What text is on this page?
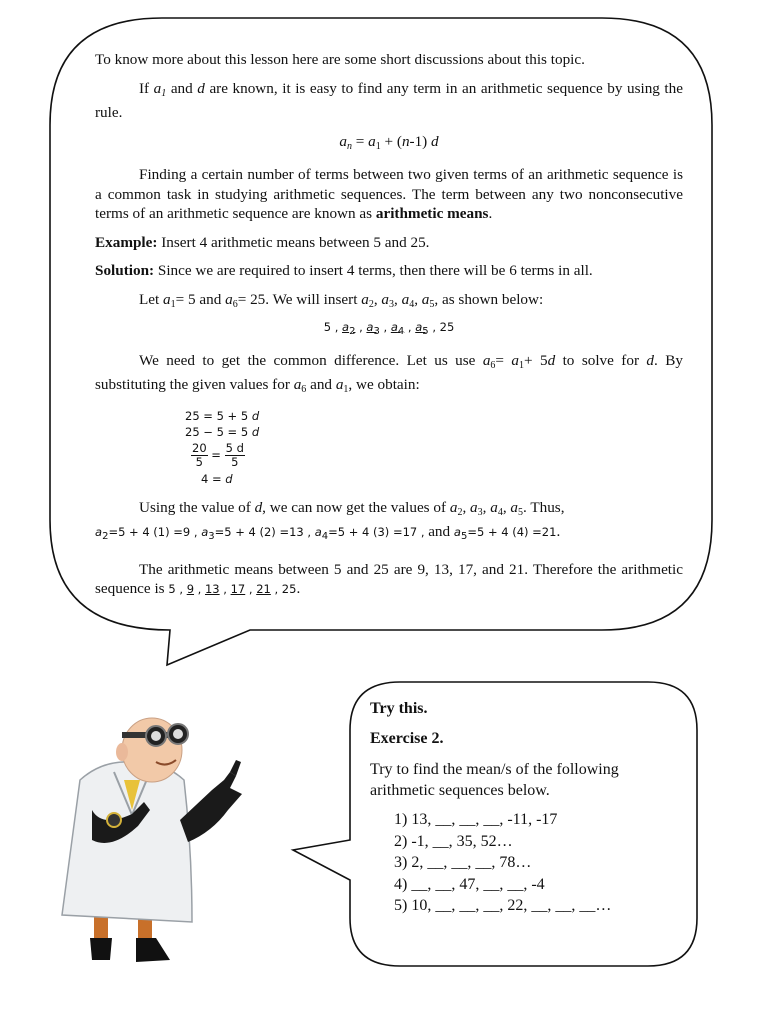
To know more about this lesson here are some short discussions about this topic.

If $a_1$ and d are known, it is easy to find any term in an arithmetic sequence by using the rule.

$a_n = a_1 + (n-1)$ d

Finding a certain number of terms between two given terms of an arithmetic sequence is a common task in studying arithmetic sequences. The term between any two nonconsecutive terms of an arithmetic sequence are known as arithmetic means.

Example: Insert 4 arithmetic means between 5 and 25.

Solution: Since we are required to insert 4 terms, then there will be 6 terms in all.

Let $a_1= 5$ and $a_6= 25$. We will insert $a_2$, $a_3$, $a_4$, $a_5$, as shown below:

5 , a2 , a3 , a4 , a5 , 25

We need to get the common difference. Let us use $a_6= a_1+ 5d$ to solve for d. By substituting the given values for $a_6$ and $a_1$, we obtain:

25 = 5 + 5 d
25 − 5 = 5 d
$\frac{20}{5} = \frac{5 d}{5}$
4 = d

Using the value of d, we can now get the values of $a_2$, $a_3$, $a_4$, $a_5$. Thus,

a2=5 + 4 (1) =9 , a3=5 + 4 (2) =13 , a4=5 + 4 (3) =17 , and a5=5 + 4 (4) =21.

The arithmetic means between 5 and 25 are 9, 13, 17, and 21. Therefore the arithmetic sequence is 5 , 9 , 13 , 17 , 21 , 25.

Try this.

Exercise 2.

Try to find the mean/s of the following arithmetic sequences below.

1) 13, __, __, __, -11, -17
2) -1, __, 35, 52…
3) 2, __, __, __, 78…
4) __, __, 47, __, __, -4
5) 10, __, __, __, 22, __, __, __…
